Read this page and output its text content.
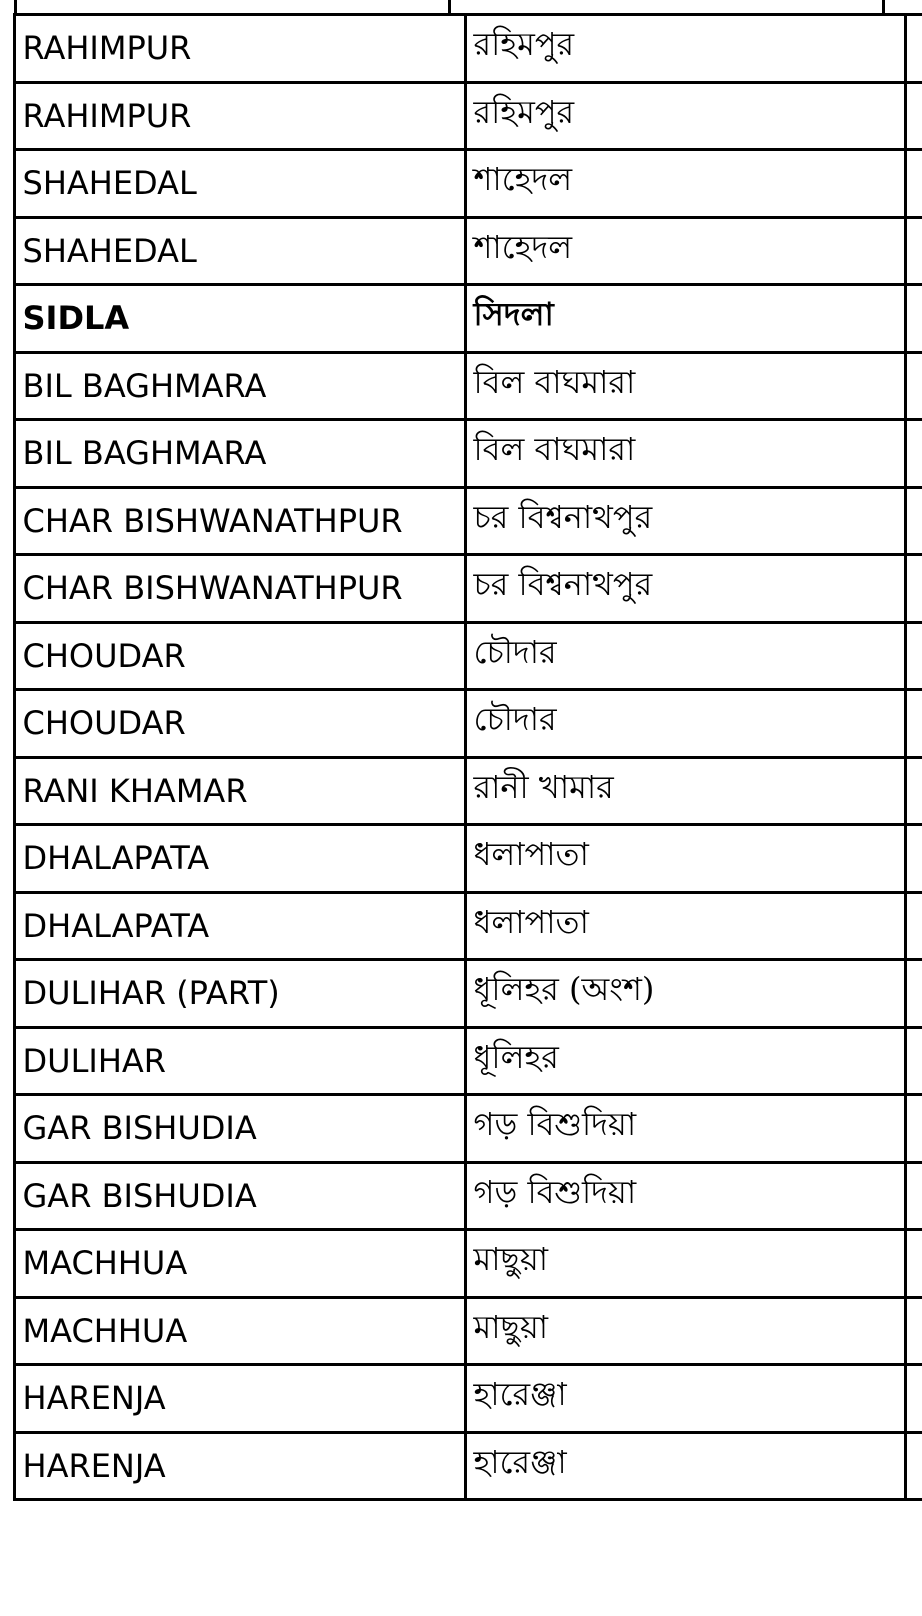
	RAHIMPUR	রহিমপুর	
	RAHIMPUR	রহিমপুর	
	SHAHEDAL	শাহেদল	
	SHAHEDAL	শাহেদল	
	SIDLA	সিদলা	
	BIL BAGHMARA	বিল বাঘমারা	
	BIL BAGHMARA	বিল বাঘমারা	
	CHAR BISHWANATHPUR	চর বিশ্বনাথপুর	
	CHAR BISHWANATHPUR	চর বিশ্বনাথপুর	
	CHOUDAR	চৌদার	
	CHOUDAR	চৌদার	
	RANI KHAMAR	রানী খামার	
	DHALAPATA	ধলাপাতা	
	DHALAPATA	ধলাপাতা	
	DULIHAR (PART)	ধূলিহর (অংশ)	
	DULIHAR	ধূলিহর	
	GAR BISHUDIA	গড় বিশুদিয়া	
	GAR BISHUDIA	গড় বিশুদিয়া	
	MACHHUA	মাছুয়া	
	MACHHUA	মাছুয়া	
	HARENJA	হারেঞ্জা	
	HARENJA	হারেঞ্জা	
